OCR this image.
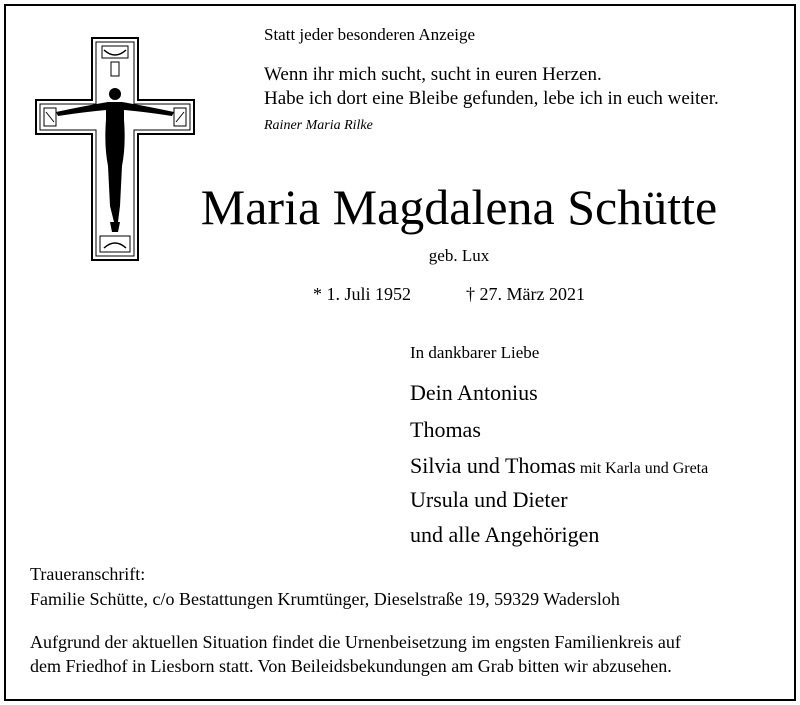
Statt jeder besonderen Anzeige
Wenn ihr mich sucht, sucht in euren Herzen.
Habe ich dort eine Bleibe gefunden, lebe ich in euch weiter.
Rainer Maria Rilke
Maria Magdalena Schütte
geb. Lux
* 1. Juli 1952	† 27. März 2021
In dankbarer Liebe
Dein Antonius
Thomas
Silvia und Thomas mit Karla und Greta
Ursula und Dieter
und alle Angehörigen
Traueranschrift:
Familie Schütte, c/o Bestattungen Krumtünger, Dieselstraße 19, 59329 Wadersloh
Aufgrund der aktuellen Situation findet die Urnenbeisetzung im engsten Familienkreis auf
dem Friedhof in Liesborn statt. Von Beileidsbekundungen am Grab bitten wir abzusehen.
